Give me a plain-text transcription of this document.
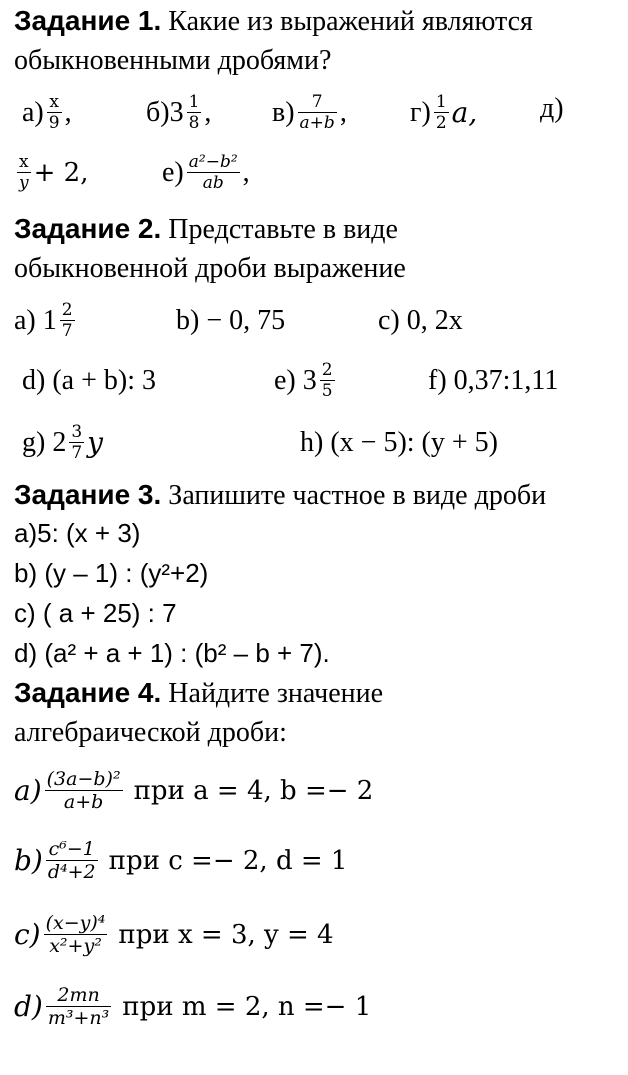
Задание 1. Какие из выражений являются
обыкновенными дробями?
а) x
9 ,	б)3 1
8 , в) 7
a+b , г) 1
2 a, д)
x
y + 2,	е) a²−b²
ab ,
Задание 2. Представьте в виде
обыкновенной дроби выражение
a) 1 2
7	b) − 0, 75	c) 0, 2x
d) (a + b): 3	e) 3 2
5	f) 0,37:1,11
g) 2 3
7 y	h) (x − 5): (y + 5)
Задание 3. Запишите частное в виде дроби
а)5: (x + 3)
b) (y – 1) : (y²+2)
c) ( a + 25) : 7
d) (a² + a + 1) : (b² – b + 7).
Задание 4. Найдите значение
алгебраической дроби:
a) (3a−b)²
a+b при a = 4, b =− 2
b) c⁶−1
d⁴+2 при c =− 2, d = 1
c) (x−y)⁴
x²+y² при x = 3, y = 4
d) 2mn
m³+n³ при m = 2, n =− 1
